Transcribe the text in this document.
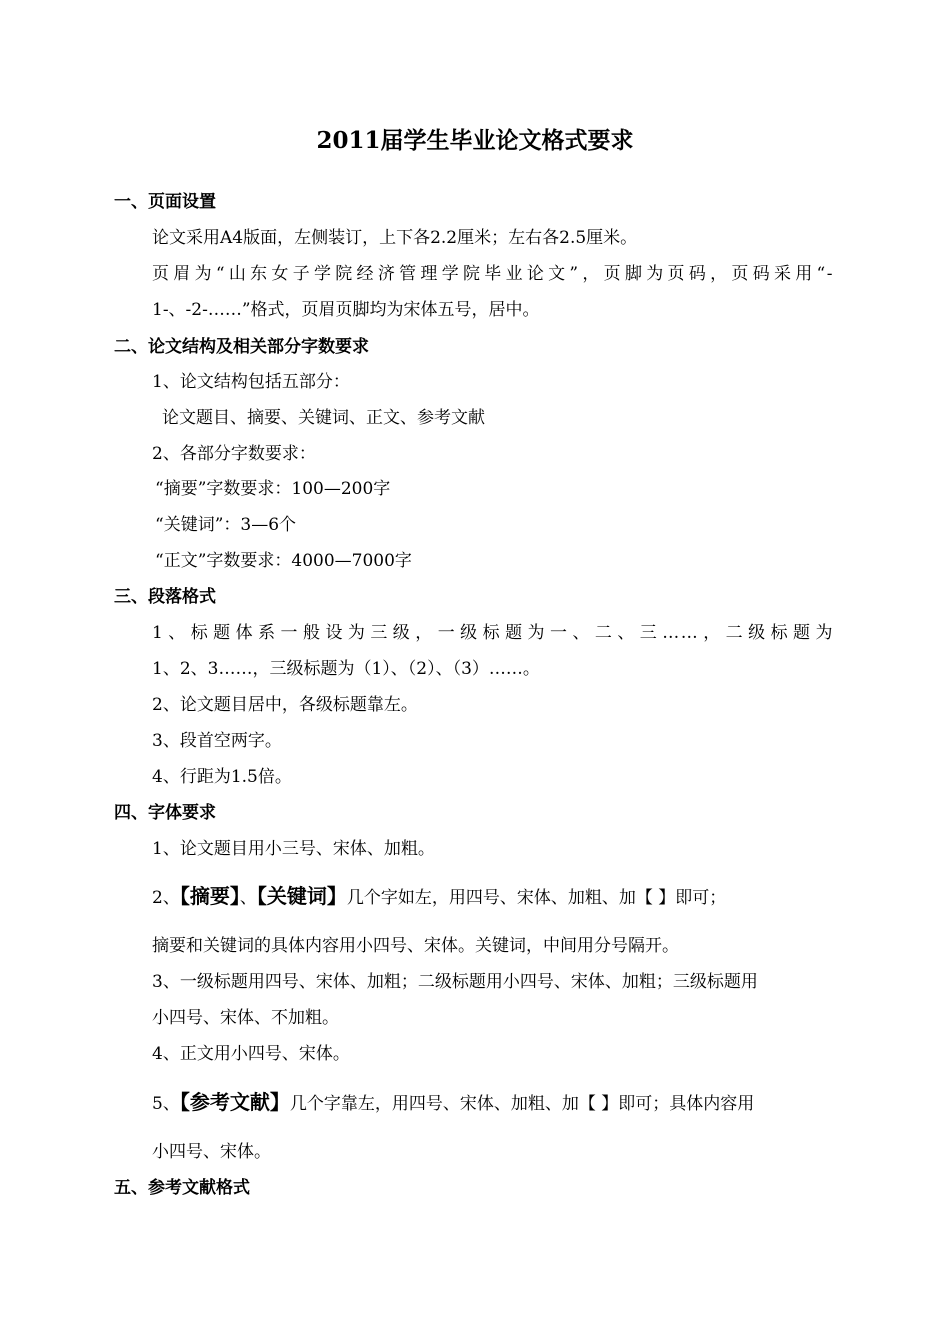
2011届学生毕业论文格式要求
一、页面设置
论文采用A4版面，左侧装订，上下各2.2厘米；左右各2.5厘米。
页眉为“山东女子学院经济管理学院毕业论文”，页脚为页码，页码采用“-
1-、-2-……”格式，页眉页脚均为宋体五号，居中。
二、论文结构及相关部分字数要求
1、论文结构包括五部分：
论文题目、摘要、关键词、正文、参考文献
2、各部分字数要求：
“摘要”字数要求：100—200字
“关键词”：3—6个
“正文”字数要求：4000—7000字
三、段落格式
1、标题体系一般设为三级，一级标题为一、二、三……，二级标题为
1、2、3……，三级标题为（1）、（2）、（3）……。
2、论文题目居中，各级标题靠左。
3、段首空两字。
4、行距为1.5倍。
四、字体要求
1、论文题目用小三号、宋体、加粗。
2、【摘要】、【关键词】几个字如左，用四号、宋体、加粗、加【 】即可；
摘要和关键词的具体内容用小四号、宋体。关键词，中间用分号隔开。
3、一级标题用四号、宋体、加粗；二级标题用小四号、宋体、加粗；三级标题用
小四号、宋体、不加粗。
4、正文用小四号、宋体。
5、【参考文献】几个字靠左，用四号、宋体、加粗、加【 】即可；具体内容用
小四号、宋体。
五、参考文献格式
